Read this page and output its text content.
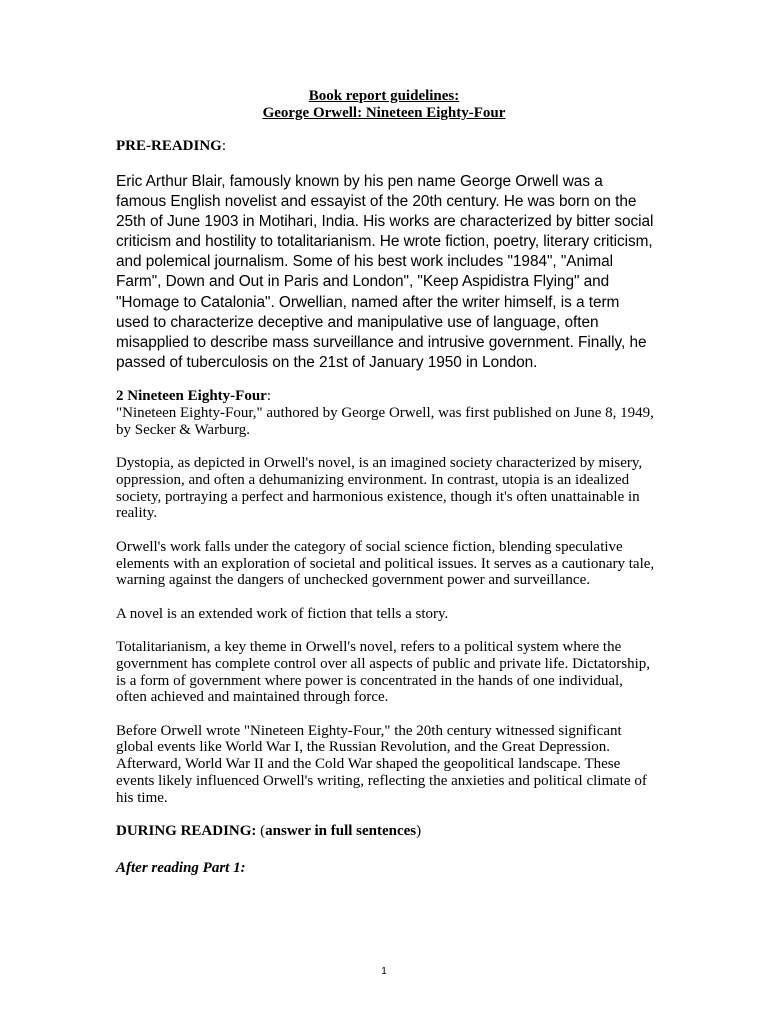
Book report guidelines:
George Orwell: Nineteen Eighty-Four

PRE-READING:

Eric Arthur Blair, famously known by his pen name George Orwell was a famous English novelist and essayist of the 20th century. He was born on the 25th of June 1903 in Motihari, India. His works are characterized by bitter social criticism and hostility to totalitarianism. He wrote fiction, poetry, literary criticism, and polemical journalism. Some of his best work includes "1984", "Animal Farm", Down and Out in Paris and London", "Keep Aspidistra Flying" and "Homage to Catalonia". Orwellian, named after the writer himself, is a term used to characterize deceptive and manipulative use of language, often misapplied to describe mass surveillance and intrusive government. Finally, he passed of tuberculosis on the 21st of January 1950 in London.

2 Nineteen Eighty-Four:

"Nineteen Eighty-Four," authored by George Orwell, was first published on June 8, 1949, by Secker & Warburg.

Dystopia, as depicted in Orwell's novel, is an imagined society characterized by misery, oppression, and often a dehumanizing environment. In contrast, utopia is an idealized society, portraying a perfect and harmonious existence, though it's often unattainable in reality.

Orwell's work falls under the category of social science fiction, blending speculative elements with an exploration of societal and political issues. It serves as a cautionary tale, warning against the dangers of unchecked government power and surveillance.

A novel is an extended work of fiction that tells a story.

Totalitarianism, a key theme in Orwell's novel, refers to a political system where the government has complete control over all aspects of public and private life. Dictatorship, is a form of government where power is concentrated in the hands of one individual, often achieved and maintained through force.

Before Orwell wrote "Nineteen Eighty-Four," the 20th century witnessed significant global events like World War I, the Russian Revolution, and the Great Depression. Afterward, World War II and the Cold War shaped the geopolitical landscape. These events likely influenced Orwell's writing, reflecting the anxieties and political climate of his time.

DURING READING: (answer in full sentences)

After reading Part 1:

1
